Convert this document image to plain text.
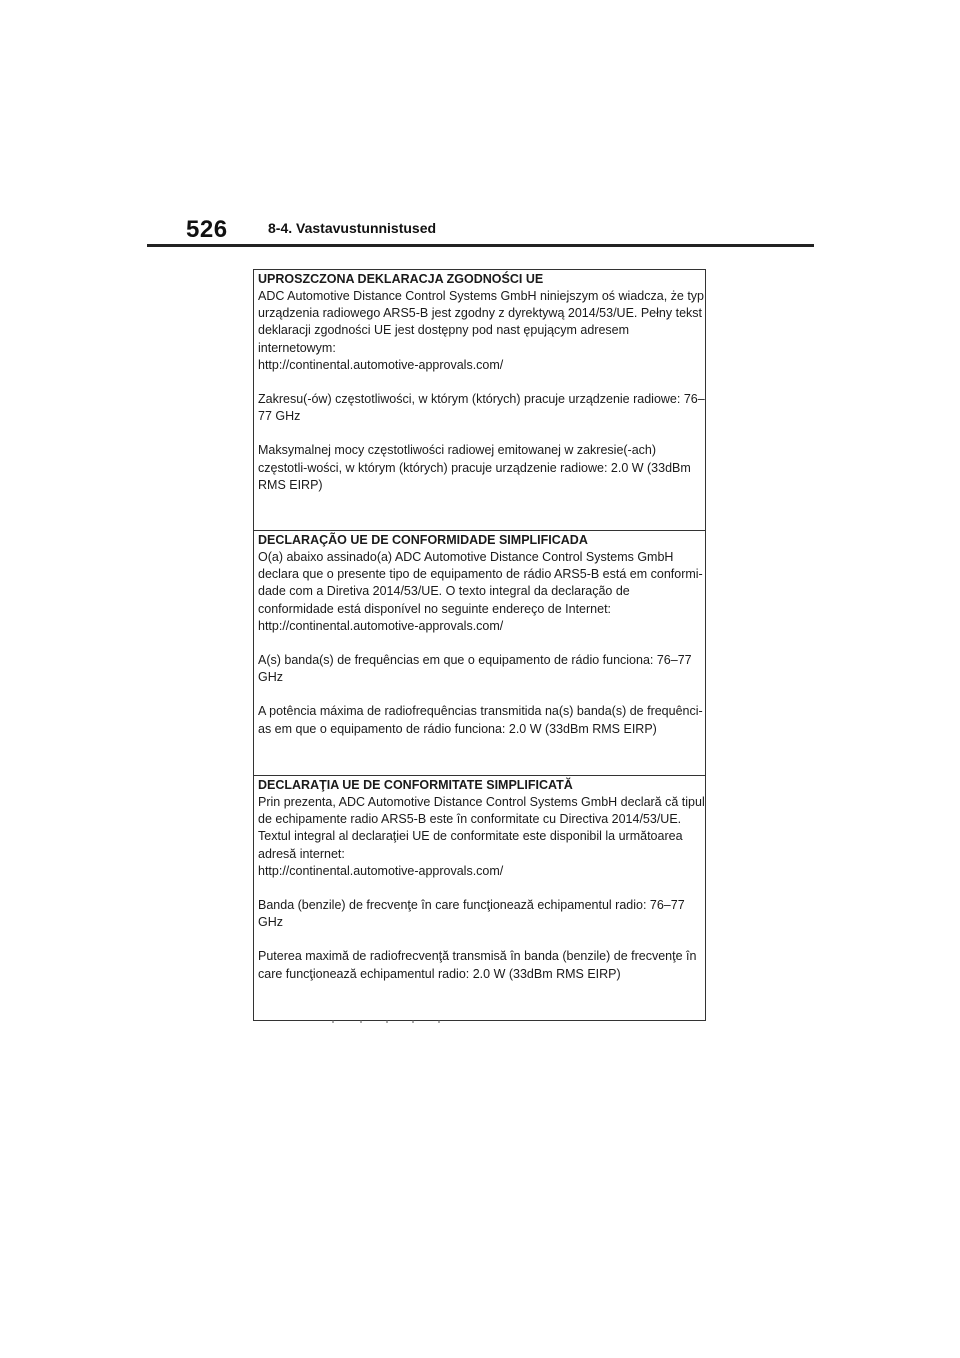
526	8-4. Vastavustunnistused

UPROSZCZONA DEKLARACJA ZGODNOŚCI UE

ADC Automotive Distance Control Systems GmbH niniejszym oś wiadcza, że typ urządzenia radiowego ARS5-B jest zgodny z dyrektywą 2014/53/UE. Pełny tekst deklaracji zgodności UE jest dostępny pod nast ępującym adresem internetowym:

http://continental.automotive-approvals.com/

Zakresu(-ów) częstotliwości, w którym (których) pracuje urządzenie radiowe: 76–77 GHz

Maksymalnej mocy częstotliwości radiowej emitowanej w zakresie(-ach) częstotli-wości, w którym (których) pracuje urządzenie radiowe: 2.0 W (33dBm RMS EIRP)

DECLARAÇÃO UE DE CONFORMIDADE SIMPLIFICADA

O(a) abaixo assinado(a) ADC Automotive Distance Control Systems GmbH declara que o presente tipo de equipamento de rádio ARS5-B está em conformi-dade com a Diretiva 2014/53/UE. O texto integral da declaração de conformidade está disponível no seguinte endereço de Internet:

http://continental.automotive-approvals.com/

A(s) banda(s) de frequências em que o equipamento de rádio funciona: 76–77 GHz

A potência máxima de radiofrequências transmitida na(s) banda(s) de frequênci-as em que o equipamento de rádio funciona: 2.0 W (33dBm RMS EIRP)

DECLARAŢIA UE DE CONFORMITATE SIMPLIFICATĂ

Prin prezenta, ADC Automotive Distance Control Systems GmbH declară că tipul de echipamente radio ARS5-B este în conformitate cu Directiva 2014/53/UE. Textul integral al declaraţiei UE de conformitate este disponibil la următoarea adresă internet:

http://continental.automotive-approvals.com/

Banda (benzile) de frecvenţe în care funcţionează echipamentul radio: 76–77 GHz

Puterea maximă de radiofrecvenţă transmisă în banda (benzile) de frecvenţe în care funcţionează echipamentul radio: 2.0 W (33dBm RMS EIRP)
